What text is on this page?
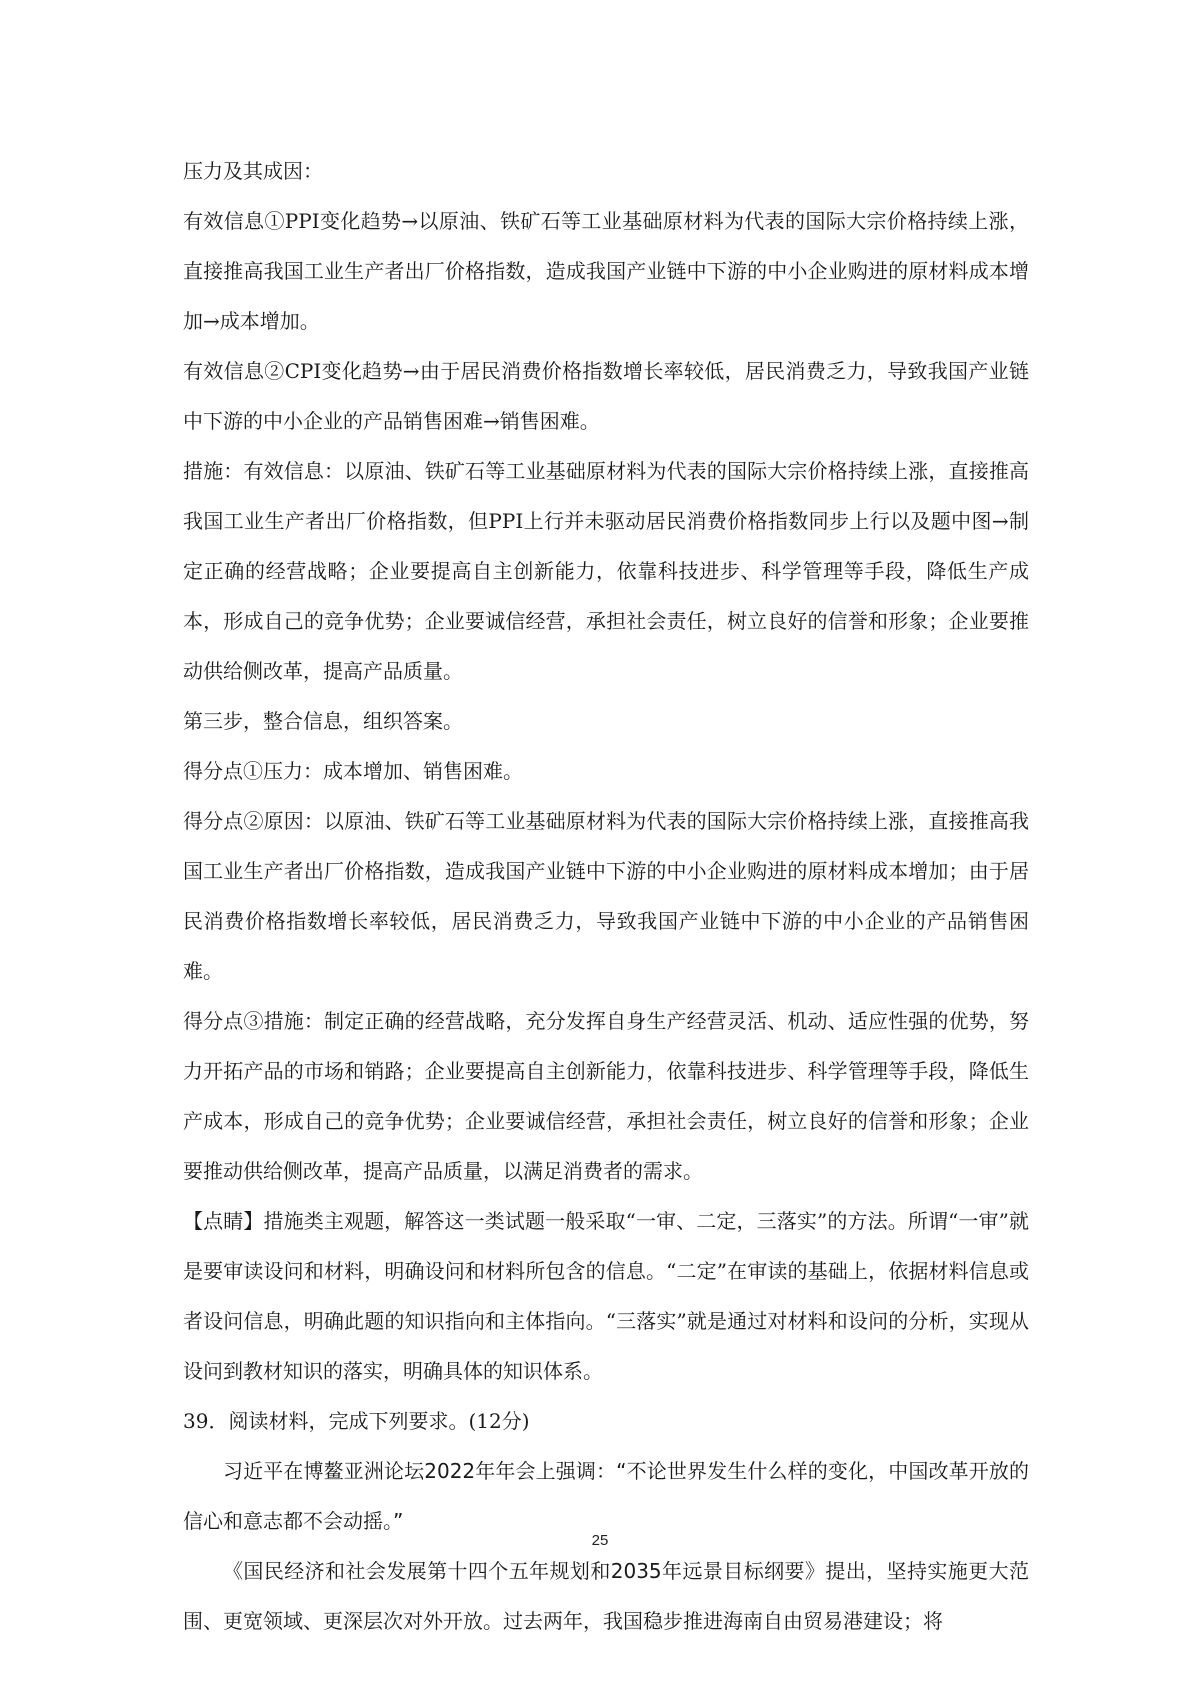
压力及其成因：

有效信息①PPI变化趋势→以原油、铁矿石等工业基础原材料为代表的国际大宗价格持续上涨，直接推高我国工业生产者出厂价格指数，造成我国产业链中下游的中小企业购进的原材料成本增加→成本增加。

有效信息②CPI变化趋势→由于居民消费价格指数增长率较低，居民消费乏力，导致我国产业链中下游的中小企业的产品销售困难→销售困难。

措施：有效信息：以原油、铁矿石等工业基础原材料为代表的国际大宗价格持续上涨，直接推高我国工业生产者出厂价格指数，但PPI上行并未驱动居民消费价格指数同步上行以及题中图→制定正确的经营战略；企业要提高自主创新能力，依靠科技进步、科学管理等手段，降低生产成本，形成自己的竞争优势；企业要诚信经营，承担社会责任，树立良好的信誉和形象；企业要推动供给侧改革，提高产品质量。

第三步，整合信息，组织答案。

得分点①压力：成本增加、销售困难。

得分点②原因：以原油、铁矿石等工业基础原材料为代表的国际大宗价格持续上涨，直接推高我国工业生产者出厂价格指数，造成我国产业链中下游的中小企业购进的原材料成本增加；由于居民消费价格指数增长率较低，居民消费乏力，导致我国产业链中下游的中小企业的产品销售困难。

得分点③措施：制定正确的经营战略，充分发挥自身生产经营灵活、机动、适应性强的优势，努力开拓产品的市场和销路；企业要提高自主创新能力，依靠科技进步、科学管理等手段，降低生产成本，形成自己的竞争优势；企业要诚信经营，承担社会责任，树立良好的信誉和形象；企业要推动供给侧改革，提高产品质量，以满足消费者的需求。

【点睛】措施类主观题，解答这一类试题一般采取“一审、二定，三落实”的方法。所谓“一审”就是要审读设问和材料，明确设问和材料所包含的信息。“二定”在审读的基础上，依据材料信息或者设问信息，明确此题的知识指向和主体指向。“三落实”就是通过对材料和设问的分析，实现从设问到教材知识的落实，明确具体的知识体系。

39．阅读材料，完成下列要求。(12分)

习近平在博鳌亚洲论坛2022年年会上强调：“不论世界发生什么样的变化，中国改革开放的信心和意志都不会动摇。”

《国民经济和社会发展第十四个五年规划和2035年远景目标纲要》提出，坚持实施更大范围、更宽领域、更深层次对外开放。过去两年，我国稳步推进海南自由贸易港建设；将

25
